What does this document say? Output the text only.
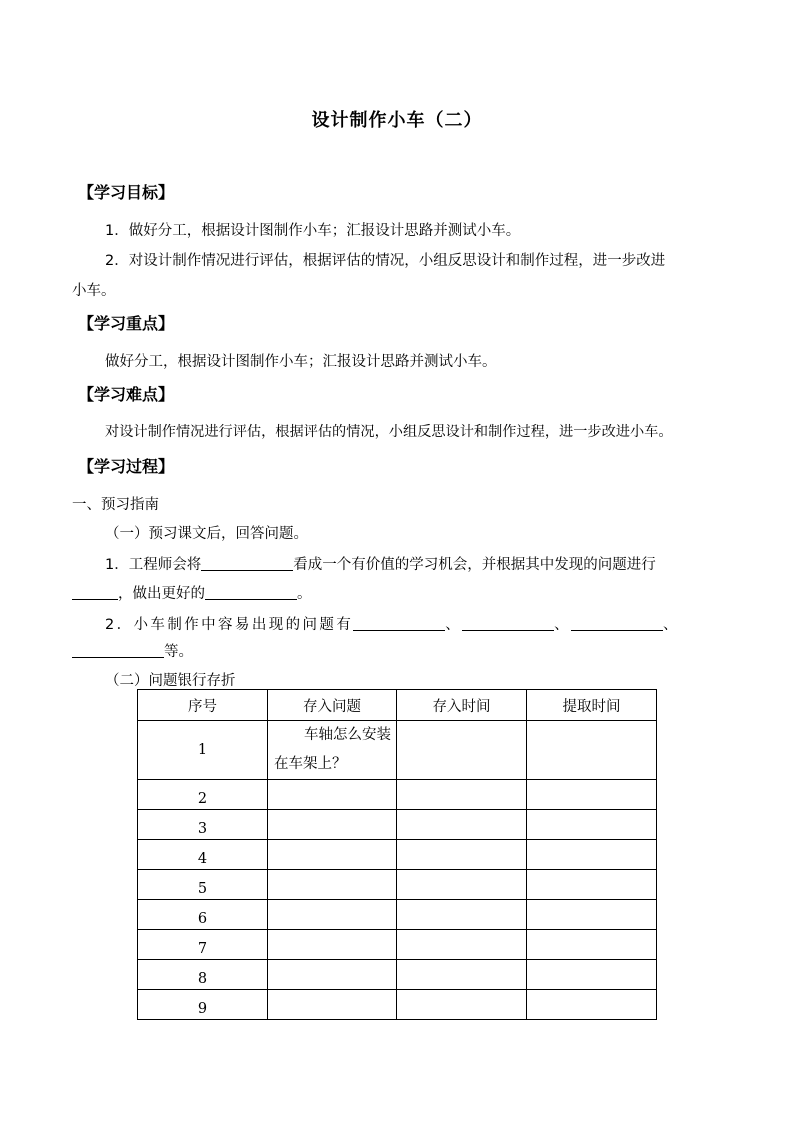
设计制作小车（二）
【学习目标】
1．做好分工，根据设计图制作小车；汇报设计思路并测试小车。
2．对设计制作情况进行评估，根据评估的情况，小组反思设计和制作过程，进一步改进
小车。
【学习重点】
做好分工，根据设计图制作小车；汇报设计思路并测试小车。
【学习难点】
对设计制作情况进行评估，根据评估的情况，小组反思设计和制作过程，进一步改进小车。
【学习过程】
一、预习指南
（一）预习课文后，回答问题。
1．工程师会将	看成一个有价值的学习机会，并根据其中发现的问题进行
，做出更好的	。
2．小车制作中容易出现的问题有	、	、	、
等。
（二）问题银行存折
序号	存入问题	存入时间	提取时间
1	车轴怎么安装在车架上？		
2			
3			
4			
5			
6			
7			
8			
9			
